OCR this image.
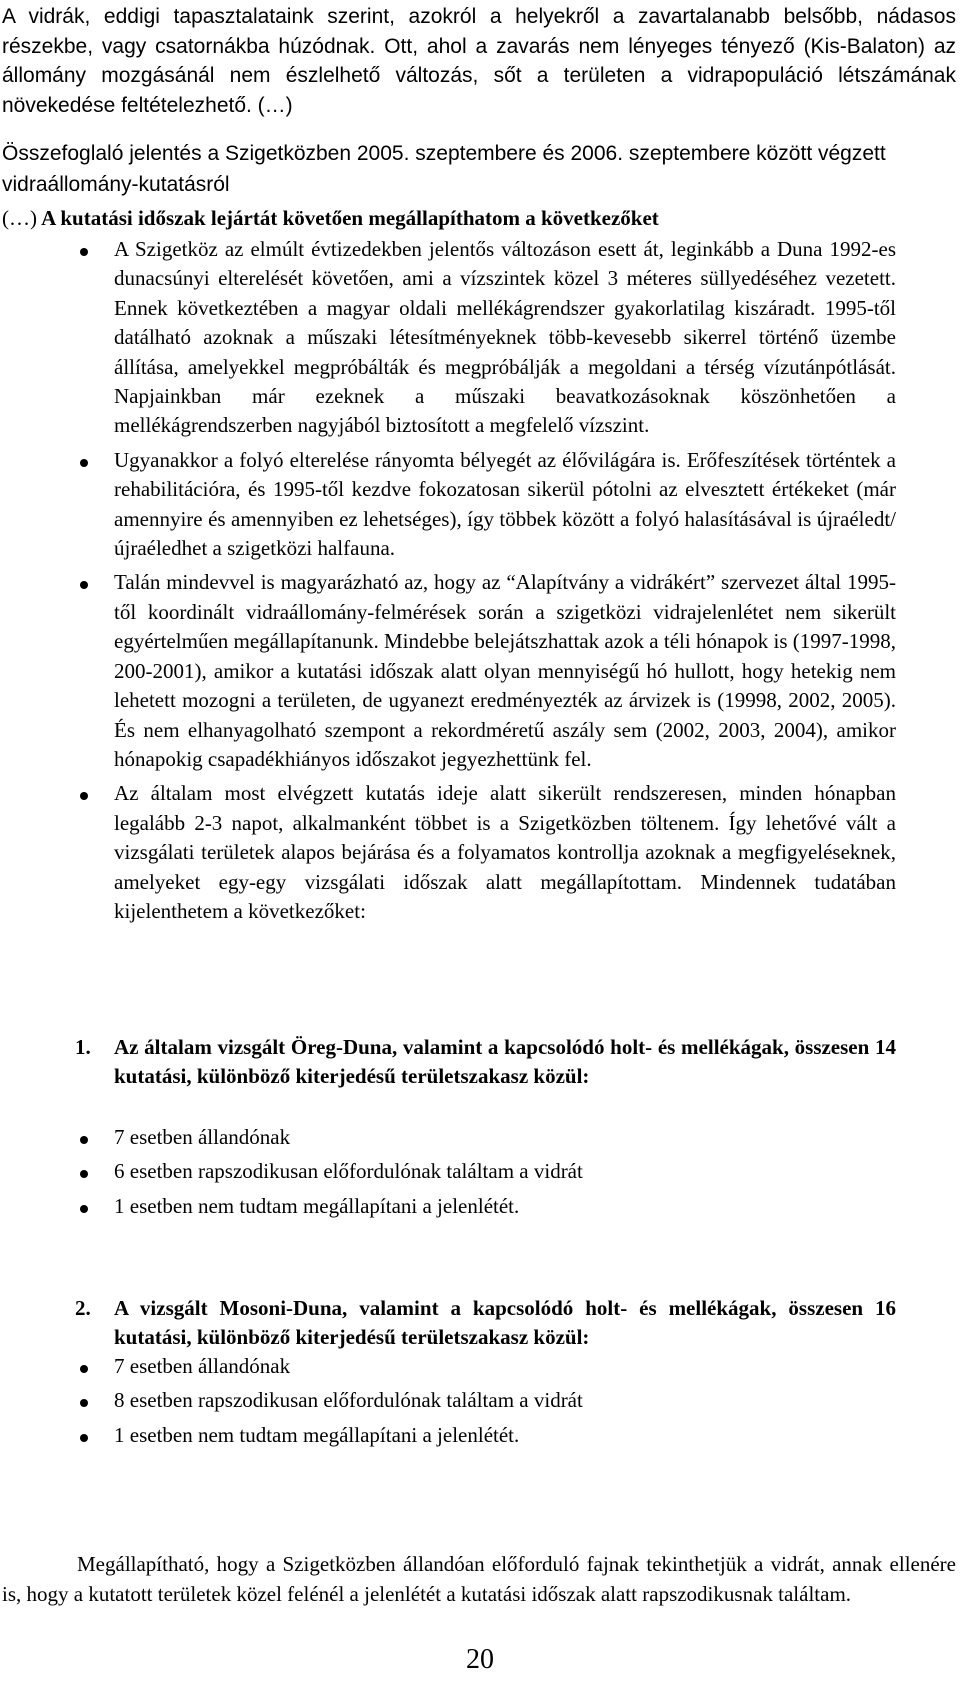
A vidrák, eddigi tapasztalataink szerint, azokról a helyekről a zavartalanabb belsőbb, nádasos részekbe, vagy csatornákba húzódnak. Ott, ahol a zavarás nem lényeges tényező (Kis-Balaton) az állomány mozgásánál nem észlelhető változás, sőt a területen a vidrapopuláció létszámának növekedése feltételezhető. (…)

Összefoglaló jelentés a Szigetközben 2005. szeptembere és 2006. szeptembere között végzett vidraállomány-kutatásról

(…) A kutatási időszak lejártát követően megállapíthatom a következőket

A Szigetköz az elmúlt évtizedekben jelentős változáson esett át, leginkább a Duna 1992-es dunacsúnyi elterelését követően, ami a vízszintek közel 3 méteres süllyedéséhez vezetett. Ennek következtében a magyar oldali mellékágrendszer gyakorlatilag kiszáradt. 1995-től datálható azoknak a műszaki létesítményeknek több-kevesebb sikerrel történő üzembe állítása, amelyekkel megpróbálták és megpróbálják a megoldani a térség vízutánpótlását. Napjainkban már ezeknek a műszaki beavatkozásoknak köszönhetően a mellékágrendszerben nagyjából biztosított a megfelelő vízszint.
Ugyanakkor a folyó elterelése rányomta bélyegét az élővilágára is. Erőfeszítések történtek a rehabilitációra, és 1995-től kezdve fokozatosan sikerül pótolni az elvesztett értékeket (már amennyire és amennyiben ez lehetséges), így többek között a folyó halasításával is újraéledt/újraéledhet a szigetközi halfauna.
Talán mindevvel is magyarázható az, hogy az “Alapítvány a vidrákért” szervezet által 1995-től koordinált vidraállomány-felmérések során a szigetközi vidrajelenlétet nem sikerült egyértelműen megállapítanunk. Mindebbe belejátszhattak azok a téli hónapok is (1997-1998, 200-2001), amikor a kutatási időszak alatt olyan mennyiségű hó hullott, hogy hetekig nem lehetett mozogni a területen, de ugyanezt eredményezték az árvizek is (19998, 2002, 2005). És nem elhanyagolható szempont a rekordméretű aszály sem (2002, 2003, 2004), amikor hónapokig csapadékhiányos időszakot jegyezhettünk fel.
Az általam most elvégzett kutatás ideje alatt sikerült rendszeresen, minden hónapban legalább 2-3 napot, alkalmanként többet is a Szigetközben töltenem. Így lehetővé vált a vizsgálati területek alapos bejárása és a folyamatos kontrollja azoknak a megfigyeléseknek, amelyeket egy-egy vizsgálati időszak alatt megállapítottam. Mindennek tudatában kijelenthetem a következőket:
1. Az általam vizsgált Öreg-Duna, valamint a kapcsolódó holt- és mellékágak, összesen 14 kutatási, különböző kiterjedésű területszakasz közül:
7 esetben állandónak
6 esetben rapszodikusan előfordulónak találtam a vidrát
1 esetben nem tudtam megállapítani a jelenlétét.
2. A vizsgált Mosoni-Duna, valamint a kapcsolódó holt- és mellékágak, összesen 16 kutatási, különböző kiterjedésű területszakasz közül:
7 esetben állandónak
8 esetben rapszodikusan előfordulónak találtam a vidrát
1 esetben nem tudtam megállapítani a jelenlétét.

Megállapítható, hogy a Szigetközben állandóan előforduló fajnak tekinthetjük a vidrát, annak ellenére is, hogy a kutatott területek közel felénél a jelenlétét a kutatási időszak alatt rapszodikusnak találtam.

20
